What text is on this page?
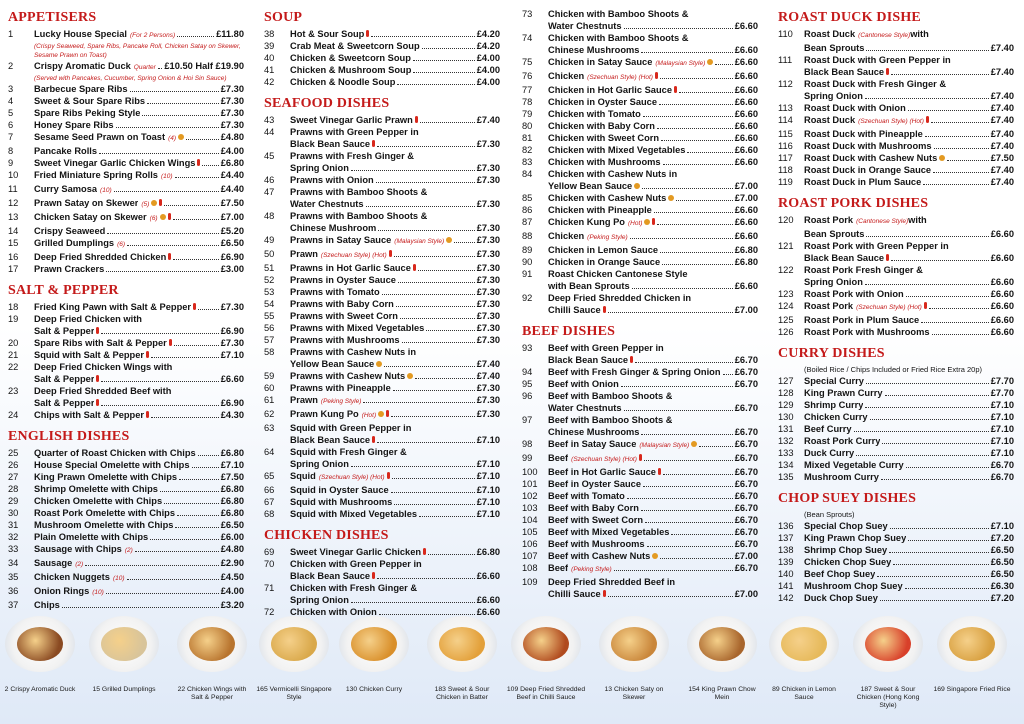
APPETISERS
1	Lucky House Special (For 2 Persons)	£11.80
(Crispy Seaweed, Spare Ribs, Pancake Roll, Chicken Satay on Skewer, Sesame Prawn on Toast)
2	Crispy Aromatic Duck Quarter £10.50 Half £19.90
(Served with Pancakes, Cucumber, Spring Onion & Hoi Sin Sauce)
3	Barbecue Spare Ribs	£7.30
4	Sweet & Sour Spare Ribs	£7.30
5	Spare Ribs Peking Style	£7.30
6	Honey Spare Ribs	£7.30
7	Sesame Seed Prawn on Toast (4)	£4.80
8	Pancake Rolls	£4.00
9	Sweet Vinegar Garlic Chicken Wings	£6.80
10	Fried Miniature Spring Rolls (10)	£4.40
11	Curry Samosa (10)	£4.40
12	Prawn Satay on Skewer (5)	£7.50
13	Chicken Satay on Skewer (6)	£7.00
14	Crispy Seaweed	£5.20
15	Grilled Dumplings (6)	£6.50
16	Deep Fried Shredded Chicken	£6.90
17	Prawn Crackers	£3.00
SALT & PEPPER
18	Fried King Pawn with Salt & Pepper	£7.30
19	Deep Fried Chicken with
Salt & Pepper	£6.90
20	Spare Ribs with Salt & Pepper	£7.30
21	Squid with Salt & Pepper	£7.10
22	Deep Fried Chicken Wings with
Salt & Pepper	£6.60
23	Deep Fried Shredded Beef with
Salt & Pepper	£6.90
24	Chips with Salt & Pepper	£4.30
ENGLISH DISHES
25	Quarter of Roast Chicken with Chips	£6.80
26	House Special Omelette with Chips	£7.10
27	King Prawn Omelette with Chips	£7.50
28	Shrimp Omelette with Chips	£6.80
29	Chicken Omelette with Chips	£6.80
30	Roast Pork Omelette with Chips	£6.80
31	Mushroom Omelette with Chips	£6.50
32	Plain Omelette with Chips	£6.00
33	Sausage with Chips (2)	£4.80
34	Sausage (2)	£2.90
35	Chicken Nuggets (10)	£4.50
36	Onion Rings (10)	£4.00
37	Chips	£3.20
SOUP
38	Hot & Sour Soup	£4.20
39	Crab Meat & Sweetcorn Soup	£4.20
40	Chicken & Sweetcorn Soup	£4.00
41	Chicken & Mushroom Soup	£4.00
42	Chicken & Noodle Soup	£4.00
SEAFOOD DISHES
43	Sweet Vinegar Garlic Prawn	£7.40
44	Prawns with Green Pepper in
Black Bean Sauce	£7.30
45	Prawns with Fresh Ginger &
Spring Onion	£7.30
46	Prawns with Onion	£7.30
47	Prawns with Bamboo Shoots &
Water Chestnuts	£7.30
48	Prawns with Bamboo Shoots &
Chinese Mushroom	£7.30
49	Prawns in Satay Sauce (Malaysian Style)	£7.30
50	Prawn (Szechuan Style) (Hot)	£7.30
51	Prawns in Hot Garlic Sauce	£7.30
52	Prawns in Oyster Sauce	£7.30
53	Prawns with Tomato	£7.30
54	Prawns with Baby Corn	£7.30
55	Prawns with Sweet Corn	£7.30
56	Prawns with Mixed Vegetables	£7.30
57	Prawns with Mushrooms	£7.30
58	Prawns with Cashew Nuts in
Yellow Bean Sauce	£7.40
59	Prawns with Cashew Nuts	£7.40
60	Prawns with Pineapple	£7.30
61	Prawn (Peking Style)	£7.30
62	Prawn Kung Po (Hot)	£7.30
63	Squid with Green Pepper in
Black Bean Sauce	£7.10
64	Squid with Fresh Ginger &
Spring Onion	£7.10
65	Squid (Szechuan Style) (Hot)	£7.10
66	Squid in Oyster Sauce	£7.10
67	Squid with Mushrooms	£7.10
68	Squid with Mixed Vegetables	£7.10
CHICKEN DISHES
69	Sweet Vinegar Garlic Chicken	£6.80
70	Chicken with Green Pepper in
Black Bean Sauce	£6.60
71	Chicken with Fresh Ginger &
Spring Onion	£6.60
72	Chicken with Onion	£6.60
73	Chicken with Bamboo Shoots &
Water Chestnuts	£6.60
74	Chicken with Bamboo Shoots &
Chinese Mushrooms	£6.60
75	Chicken in Satay Sauce (Malaysian Style)	£6.60
76	Chicken (Szechuan Style) (Hot)	£6.60
77	Chicken in Hot Garlic Sauce	£6.60
78	Chicken in Oyster Sauce	£6.60
79	Chicken with Tomato	£6.60
80	Chicken with Baby Corn	£6.60
81	Chicken with Sweet Corn	£6.60
82	Chicken with Mixed Vegetables	£6.60
83	Chicken with Mushrooms	£6.60
84	Chicken with Cashew Nuts in
Yellow Bean Sauce	£7.00
85	Chicken with Cashew Nuts	£7.00
86	Chicken with Pineapple	£6.60
87	Chicken Kung Po (Hot)	£6.60
88	Chicken (Peking Style)	£6.60
89	Chicken in Lemon Sauce	£6.80
90	Chicken in Orange Sauce	£6.80
91	Roast Chicken Cantonese Style
with Bean Sprouts	£6.60
92	Deep Fried Shredded Chicken in
Chilli Sauce	£7.00
BEEF DISHES
93	Beef with Green Pepper in
Black Bean Sauce	£6.70
94	Beef with Fresh Ginger & Spring Onion £6.70
95	Beef with Onion	£6.70
96	Beef with Bamboo Shoots &
Water Chestnuts	£6.70
97	Beef with Bamboo Shoots &
Chinese Mushrooms	£6.70
98	Beef in Satay Sauce (Malaysian Style)	£6.70
99	Beef (Szechuan Style) (Hot)	£6.70
100	Beef in Hot Garlic Sauce	£6.70
101	Beef in Oyster Sauce	£6.70
102	Beef with Tomato	£6.70
103	Beef with Baby Corn	£6.70
104	Beef with Sweet Corn	£6.70
105	Beef with Mixed Vegetables	£6.70
106	Beef with Mushrooms	£6.70
107	Beef with Cashew Nuts	£7.00
108	Beef (Peking Style)	£6.70
109	Deep Fried Shredded Beef in
Chilli Sauce	£7.00
ROAST DUCK DISHE
110	Roast Duck (Cantonese Style) with
Bean Sprouts	£7.40
111	Roast Duck with Green Pepper in
Black Bean Sauce	£7.40
112	Roast Duck with Fresh Ginger &
Spring Onion	£7.40
113	Roast Duck with Onion	£7.40
114	Roast Duck (Szechuan Style) (Hot)	£7.40
115	Roast Duck with Pineapple	£7.40
116	Roast Duck with Mushrooms	£7.40
117	Roast Duck with Cashew Nuts	£7.50
118	Roast Duck in Orange Sauce	£7.40
119	Roast Duck in Plum Sauce	£7.40
ROAST PORK DISHES
120	Roast Pork (Cantonese Style) with
Bean Sprouts	£6.60
121	Roast Pork with Green Pepper in
Black Bean Sauce	£6.60
122	Roast Pork Fresh Ginger &
Spring Onion	£6.60
123	Roast Pork with Onion	£6.60
124	Roast Pork (Szechuan Style) (Hot)	£6.60
125	Roast Pork in Plum Sauce	£6.60
126	Roast Pork with Mushrooms	£6.60
CURRY DISHES
(Boiled Rice / Chips Included or Fried Rice Extra 20p)
127	Special Curry	£7.70
128	King Prawn Curry	£7.70
129	Shrimp Curry	£7.10
130	Chicken Curry	£7.10
131	Beef Curry	£7.10
132	Roast Pork Curry	£7.10
133	Duck Curry	£7.10
134	Mixed Vegetable Curry	£6.70
135	Mushroom Curry	£6.70
CHOP SUEY DISHES
(Bean Sprouts)
136	Special Chop Suey	£7.10
137	King Prawn Chop Suey	£7.20
138	Shrimp Chop Suey	£6.50
139	Chicken Chop Suey	£6.50
140	Beef Chop Suey	£6.50
141	Mushroom Chop Suey	£6.30
142	Duck Chop Suey	£7.20
2 Crispy Aromatic Duck	15 Grilled Dumplings	22 Chicken Wings with Salt & Pepper
165 Vermicelli Singapore Style
130 Chicken Curry	183 Sweet & Sour Chicken in Batter
109 Deep Fried Shredded Beef in Chilli Sauce
13 Chicken Saty on Skewer
154 King Prawn Chow Mein
89 Chicken in Lemon Sauce
187 Sweet & Sour Chicken (Hong Kong Style)
169 Singapore Fried Rice
